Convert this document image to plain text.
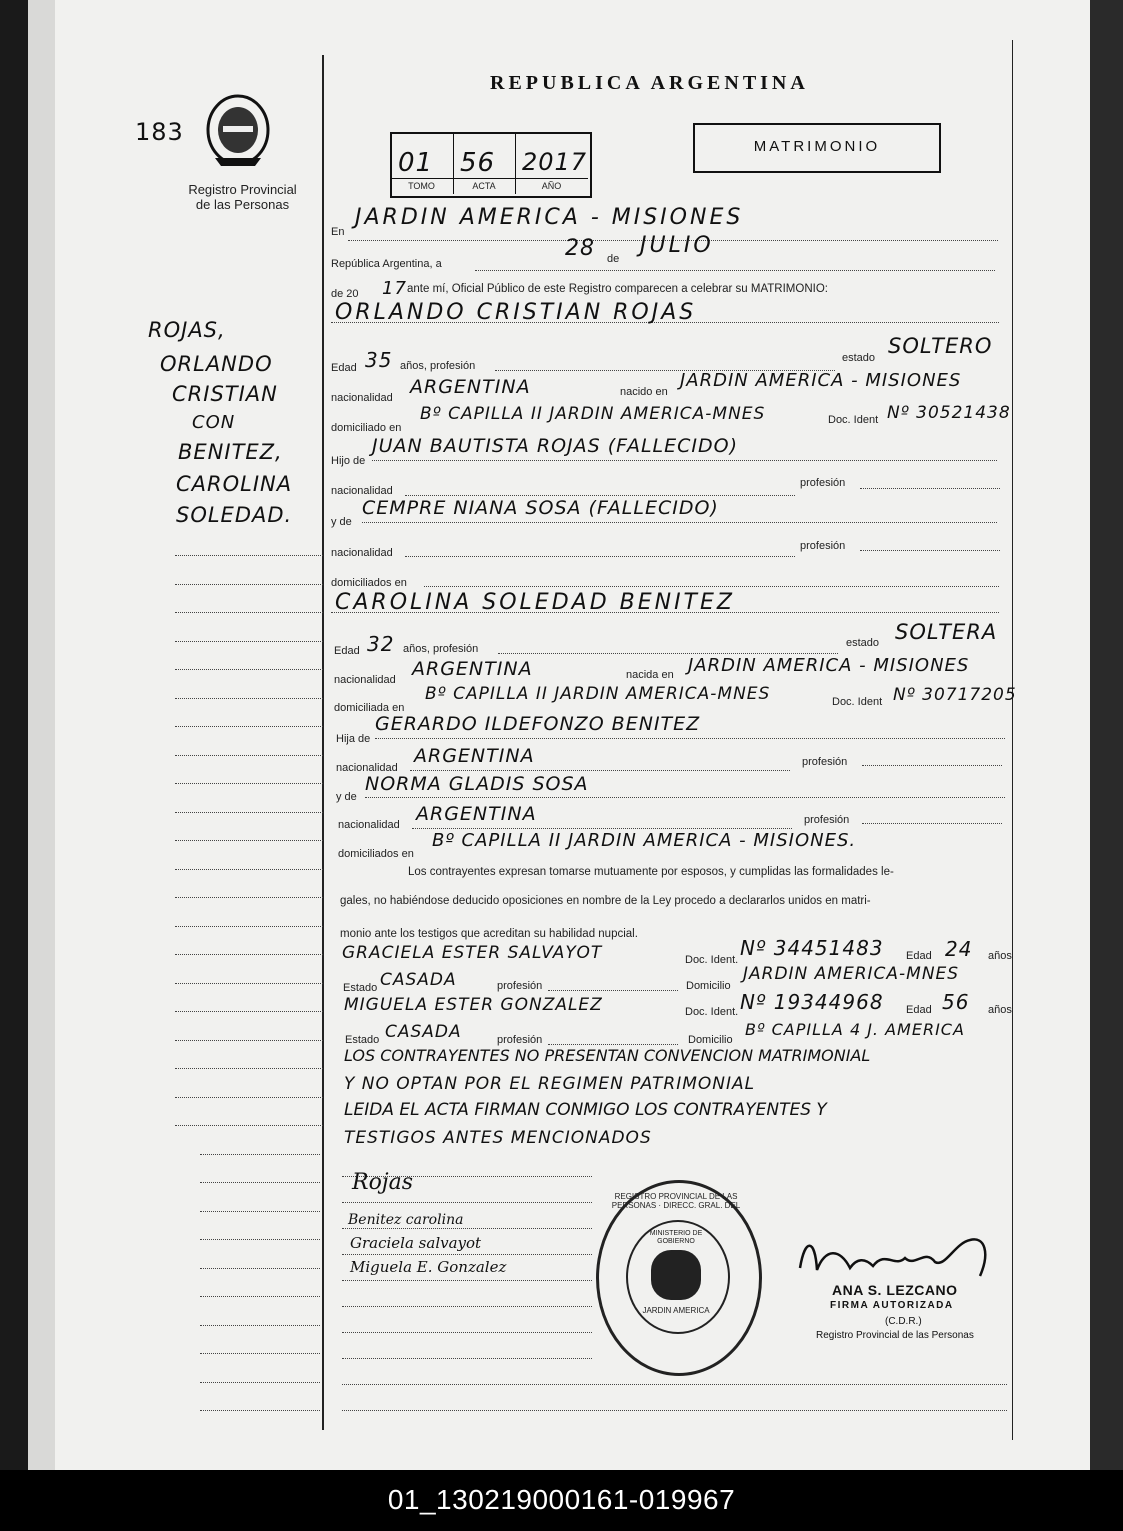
183
Registro Provincial
de las Personas
REPUBLICA ARGENTINA
01 56 2017
TOMO	ACTA	AÑO
MATRIMONIO
ROJAS,
ORLANDO
CRISTIAN
CON
BENITEZ,
CAROLINA
SOLEDAD.
En
JARDIN AMERICA - MISIONES
República Argentina, a
28 de
JULIO
de 20 17 ante mí, Oficial Público de este Registro comparecen a celebrar su MATRIMONIO:
ORLANDO CRISTIAN ROJAS
Edad 35 años, profesión
estado SOLTERO
nacionalidad ARGENTINA	nacido en
JARDIN AMERICA - MISIONES
domiciliado en
Bº CAPILLA II JARDIN AMERICA-MNES	Doc. Ident Nº 30521438
Hijo de
JUAN BAUTISTA ROJAS (FALLECIDO)
nacionalidad
profesión
y de
CEMPRE NIANA SOSA (FALLECIDO)
nacionalidad
profesión
domiciliados en
CAROLINA SOLEDAD BENITEZ
Edad 32 años, profesión	estado SOLTERA
nacionalidad ARGENTINA	nacida en JARDIN AMERICA - MISIONES
domiciliada en
Bº CAPILLA II JARDIN AMERICA-MNES	Doc. Ident Nº 30717205
Hija de
GERARDO ILDEFONZO BENITEZ
nacionalidad
ARGENTINA	profesión
y de
NORMA GLADIS SOSA
nacionalidad ARGENTINA	profesión
domiciliados en
Bº CAPILLA II JARDIN AMERICA - MISIONES.
Los contrayentes expresan tomarse mutuamente por esposos, y cumplidas las formalidades le-
gales, no habiéndose deducido oposiciones en nombre de la Ley procedo a declararlos unidos en matri-
monio ante los testigos que acreditan su habilidad nupcial.
GRACIELA ESTER SALVAYOT	Doc. Ident. Nº 34451483 Edad 24 años
Estado CASADA	profesión	Domicilio
JARDIN AMERICA-MNES
MIGUELA ESTER GONZALEZ	Doc. Ident. Nº 19344968 Edad 56 años
Estado CASADA	profesión	Domicilio
Bº CAPILLA 4 J. AMERICA
LOS CONTRAYENTES NO PRESENTAN CONVENCION MATRIMONIAL
Y NO OPTAN POR EL REGIMEN PATRIMONIAL
LEIDA EL ACTA FIRMAN CONMIGO LOS CONTRAYENTES Y
TESTIGOS ANTES MENCIONADOS
Rojas
Benitez carolina
Graciela salvayot
Miguela E. Gonzalez
REGISTRO PROVINCIAL DE LAS PERSONAS · DIRECC. GRAL. DEL
MINISTERIO DE GOBIERNO
JARDIN AMERICA
ANA S. LEZCANO
FIRMA AUTORIZADA
(C.D.R.)
Registro Provincial de las Personas
01_130219000161-019967
